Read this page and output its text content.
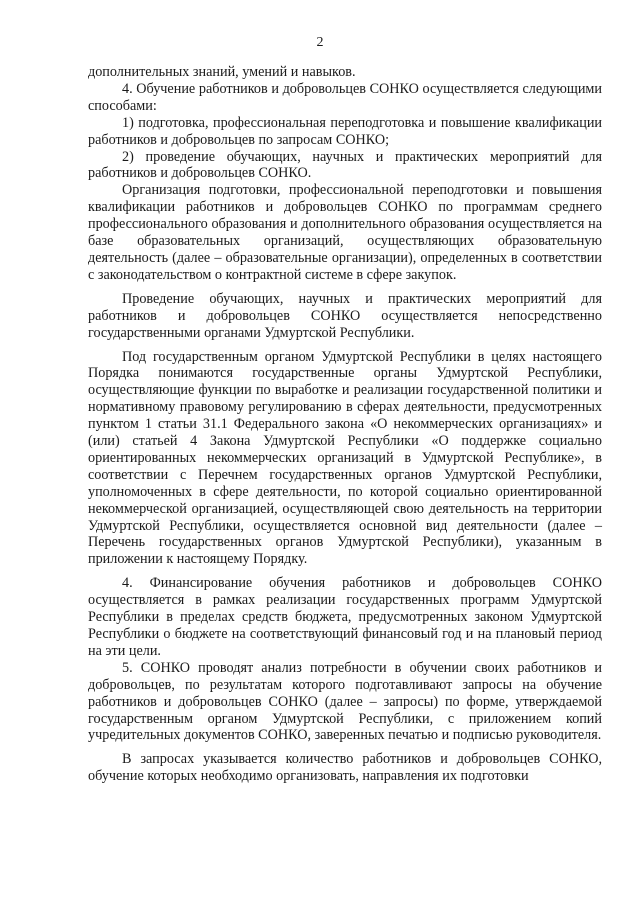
2

дополнительных знаний, умений и навыков.

4. Обучение работников и добровольцев СОНКО осуществляется следующими способами:

1) подготовка, профессиональная переподготовка и повышение квалификации работников и добровольцев по запросам СОНКО;

2) проведение обучающих, научных и практических мероприятий для работников и добровольцев СОНКО.

Организация подготовки, профессиональной переподготовки и повышения квалификации работников и добровольцев СОНКО по программам среднего профессионального образования и дополнительного образования осуществляется на базе образовательных организаций, осуществляющих образовательную деятельность (далее – образовательные организации), определенных в соответствии с законодательством о контрактной системе в сфере закупок.

Проведение обучающих, научных и практических мероприятий для работников и добровольцев СОНКО осуществляется непосредственно государственными органами Удмуртской Республики.

Под государственным органом Удмуртской Республики в целях настоящего Порядка понимаются государственные органы Удмуртской Республики, осуществляющие функции по выработке и реализации государственной политики и нормативному правовому регулированию в сферах деятельности, предусмотренных пунктом 1 статьи 31.1 Федерального закона «О некоммерческих организациях» и (или) статьей 4 Закона Удмуртской Республики «О поддержке социально ориентированных некоммерческих организаций в Удмуртской Республике», в соответствии с Перечнем государственных органов Удмуртской Республики, уполномоченных в сфере деятельности, по которой социально ориентированной некоммерческой организацией, осуществляющей свою деятельность на территории Удмуртской Республики, осуществляется основной вид деятельности (далее – Перечень государственных органов Удмуртской Республики), указанным в приложении к настоящему Порядку.

4. Финансирование обучения работников и добровольцев СОНКО осуществляется в рамках реализации государственных программ Удмуртской Республики в пределах средств бюджета, предусмотренных законом Удмуртской Республики о бюджете на соответствующий финансовый год и на плановый период на эти цели.

5. СОНКО проводят анализ потребности в обучении своих работников и добровольцев, по результатам которого подготавливают запросы на обучение работников и добровольцев СОНКО (далее – запросы) по форме, утверждаемой государственным органом Удмуртской Республики, с приложением копий учредительных документов СОНКО, заверенных печатью и подписью руководителя.

В запросах указывается количество работников и добровольцев СОНКО, обучение которых необходимо организовать, направления их подготовки
